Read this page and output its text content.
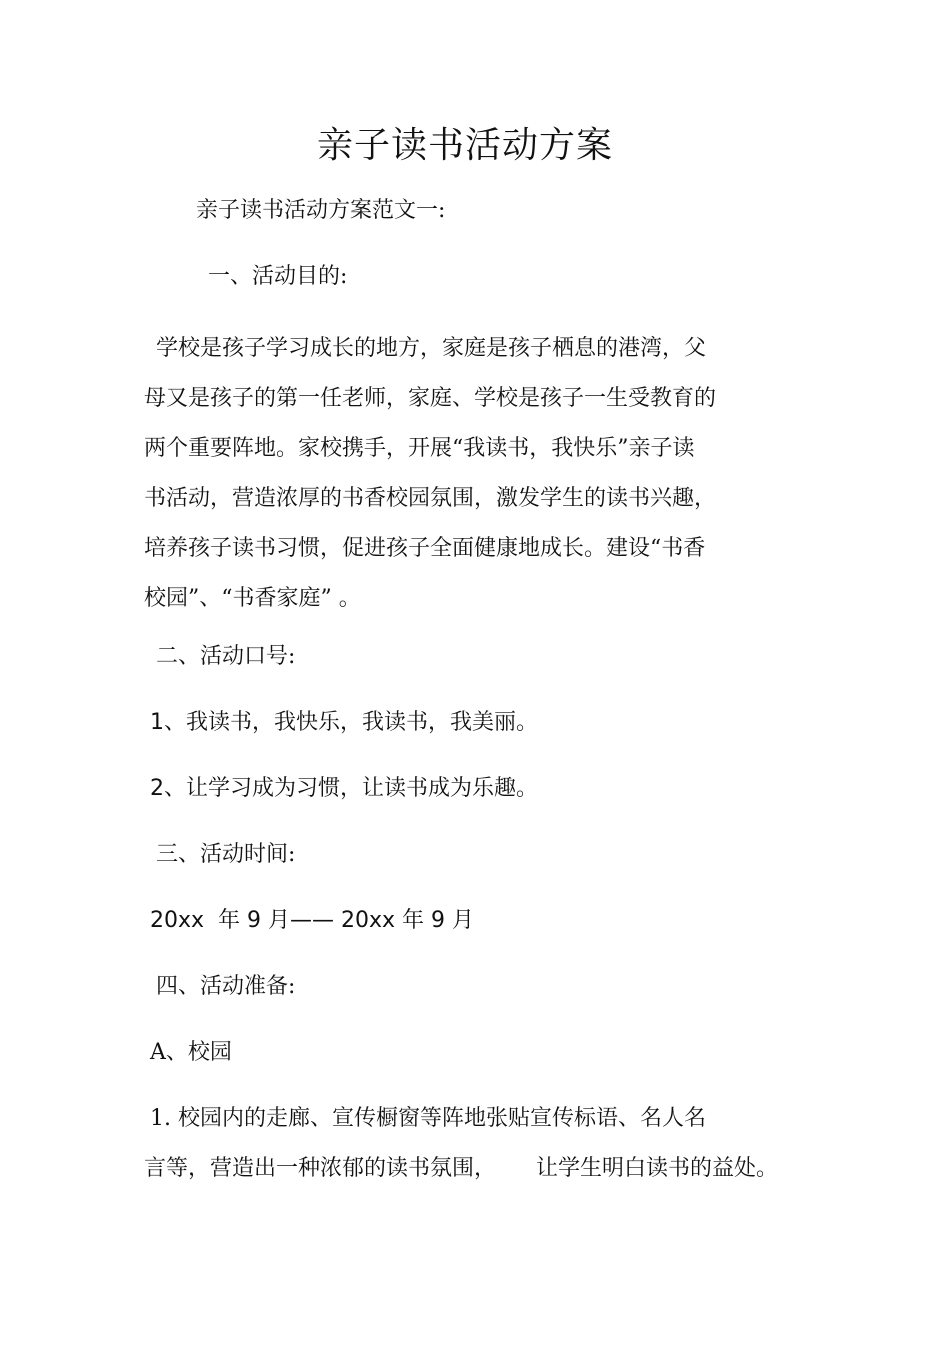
亲子读书活动方案
亲子读书活动方案范文一:
一、活动目的:
学校是孩子学习成长的地方，家庭是孩子栖息的港湾，父
母又是孩子的第一任老师，家庭、学校是孩子一生受教育的
两个重要阵地。家校携手，开展“我读书，我快乐”亲子读
书活动，营造浓厚的书香校园氛围，激发学生的读书兴趣，
培养孩子读书习惯，促进孩子全面健康地成长。建设“书香
校园”、“书香家庭” 。
二、活动口号:
1、我读书，我快乐，我读书，我美丽。
2、让学习成为习惯，让读书成为乐趣。
三、活动时间:
20xx  年 9 月—— 20xx 年 9 月
四、活动准备:
A、校园
1. 校园内的走廊、宣传橱窗等阵地张贴宣传标语、名人名
言等，营造出一种浓郁的读书氛围， 让学生明白读书的益处。
